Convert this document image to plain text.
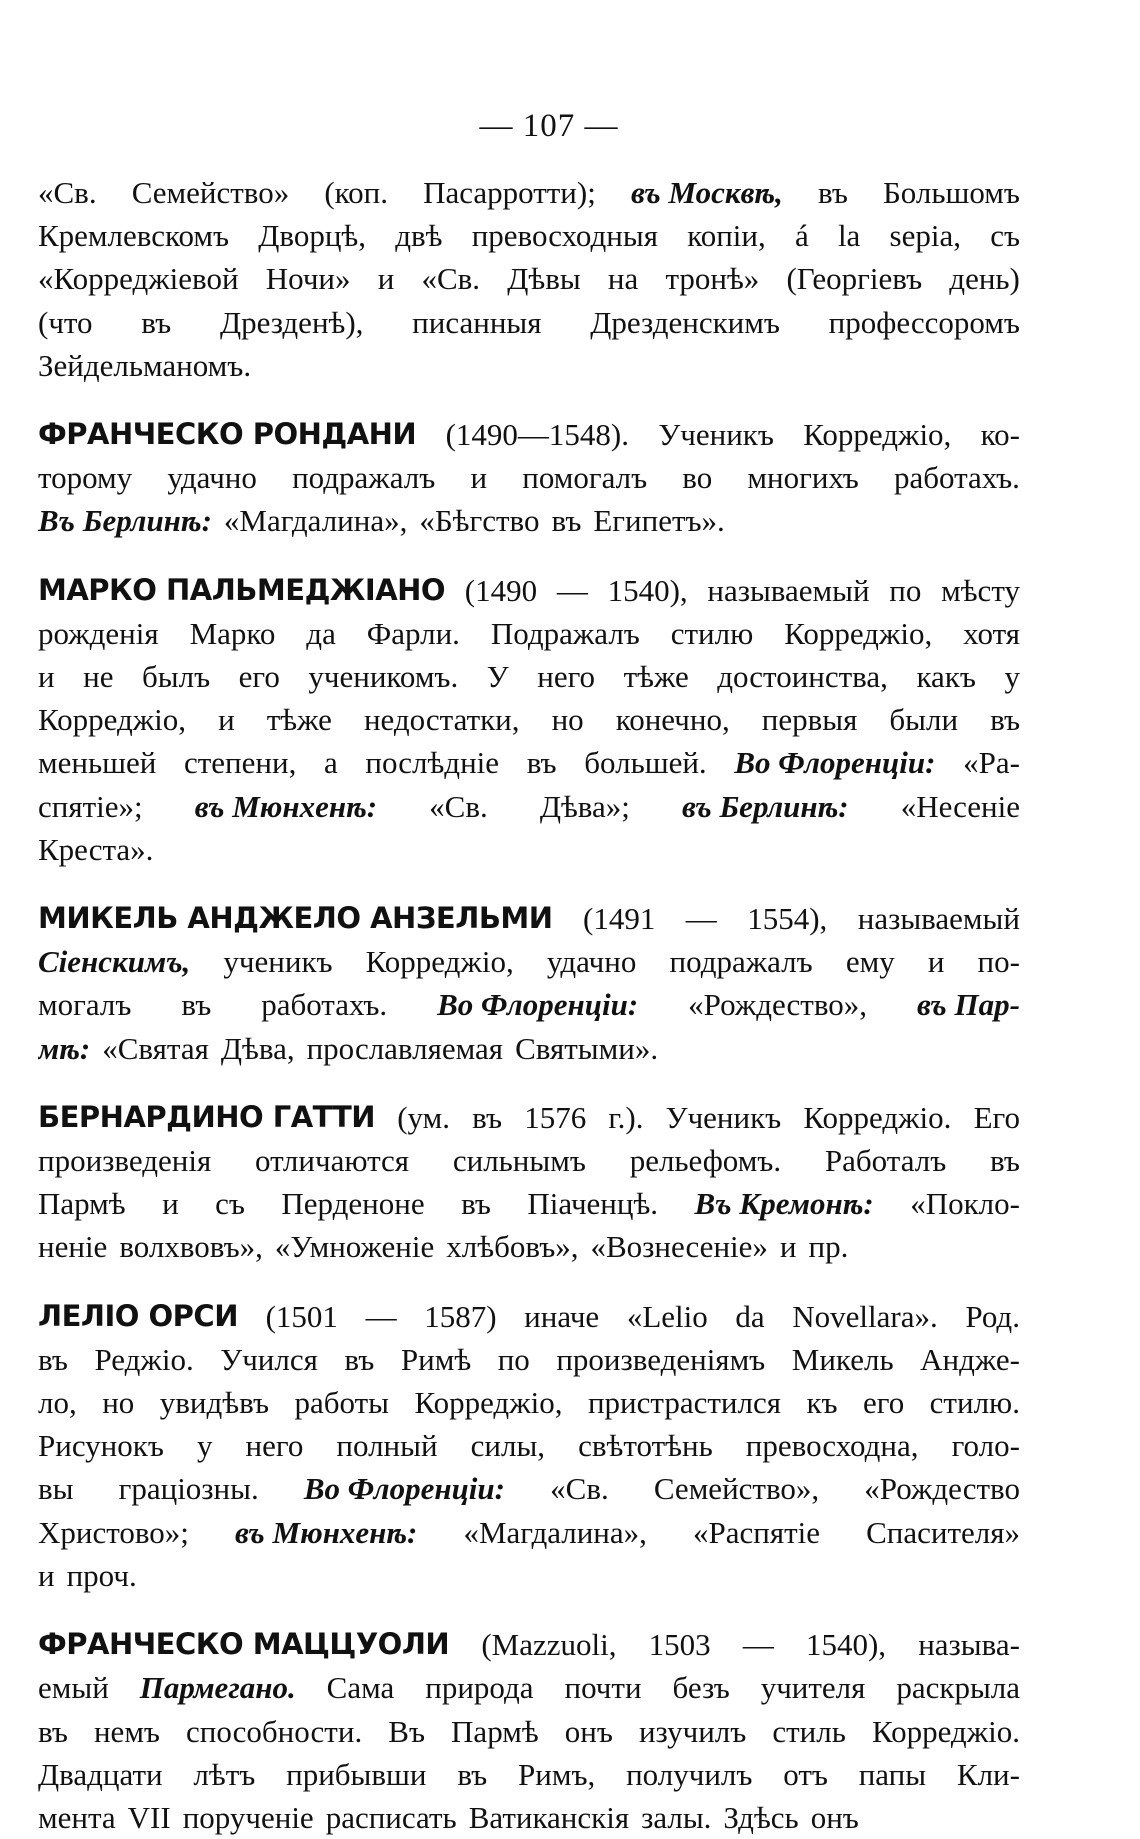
— 107 —
«Св. Семейство» (коп. Пасарротти); въ Москвѣ, въ Большомъ
Кремлевскомъ Дворцѣ, двѣ превосходныя копіи, á la sepia, съ
«Корреджіевой Ночи» и «Св. Дѣвы на тронѣ» (Георгіевъ день)
(что въ Дрезденѣ), писанныя Дрезденскимъ профессоромъ
Зейдельманомъ.
ФРАНЧЕСКО РОНДАНИ (1490—1548). Ученикъ Корреджіо, ко-
торому удачно подражалъ и помогалъ во многихъ работахъ.
Въ Берлинѣ: «Магдалина», «Бѣгство въ Египетъ».
МАРКО ПАЛЬМЕДЖІАНО (1490 — 1540), называемый по мѣсту
рожденія Марко да Фарли. Подражалъ стилю Корреджіо, хотя
и не былъ его ученикомъ. У него тѣже достоинства, какъ у
Корреджіо, и тѣже недостатки, но конечно, первыя были въ
меньшей степени, а послѣдніе въ большей. Во Флоренціи: «Ра-
спятіе»; въ Мюнхенѣ: «Св. Дѣва»; въ Берлинѣ: «Несеніе
Креста».
МИКЕЛЬ АНДЖЕЛО АНЗЕЛЬМИ (1491 — 1554), называемый
Сіенскимъ, ученикъ Корреджіо, удачно подражалъ ему и по-
могалъ въ работахъ. Во Флоренціи: «Рождество», въ Пар-
мѣ: «Святая Дѣва, прославляемая Святыми».
БЕРНАРДИНО ГАТТИ (ум. въ 1576 г.). Ученикъ Корреджіо. Его
произведенія отличаются сильнымъ рельефомъ. Работалъ въ
Пармѣ и съ Перденоне въ Піаченцѣ. Въ Кремонѣ: «Покло-
неніе волхвовъ», «Умноженіе хлѣбовъ», «Вознесеніе» и пр.
ЛЕЛІО ОРСИ (1501 — 1587) иначе «Lelio da Novellara». Род.
въ Реджіо. Учился въ Римѣ по произведеніямъ Микель Андже-
ло, но увидѣвъ работы Корреджіо, пристрастился къ его стилю.
Рисунокъ у него полный силы, свѣтотѣнь превосходна, голо-
вы граціозны. Во Флоренціи: «Св. Семейство», «Рождество
Христово»; въ Мюнхенѣ: «Магдалина», «Распятіе Спасителя»
и проч.
ФРАНЧЕСКО МАЦЦУОЛИ (Mazzuoli, 1503 — 1540), называ-
емый Пармегано. Сама природа почти безъ учителя раскрыла
въ немъ способности. Въ Пармѣ онъ изучилъ стиль Корреджіо.
Двадцати лѣтъ прибывши въ Римъ, получилъ отъ папы Кли-
мента VII порученіе расписать Ватиканскія залы. Здѣсь онъ
